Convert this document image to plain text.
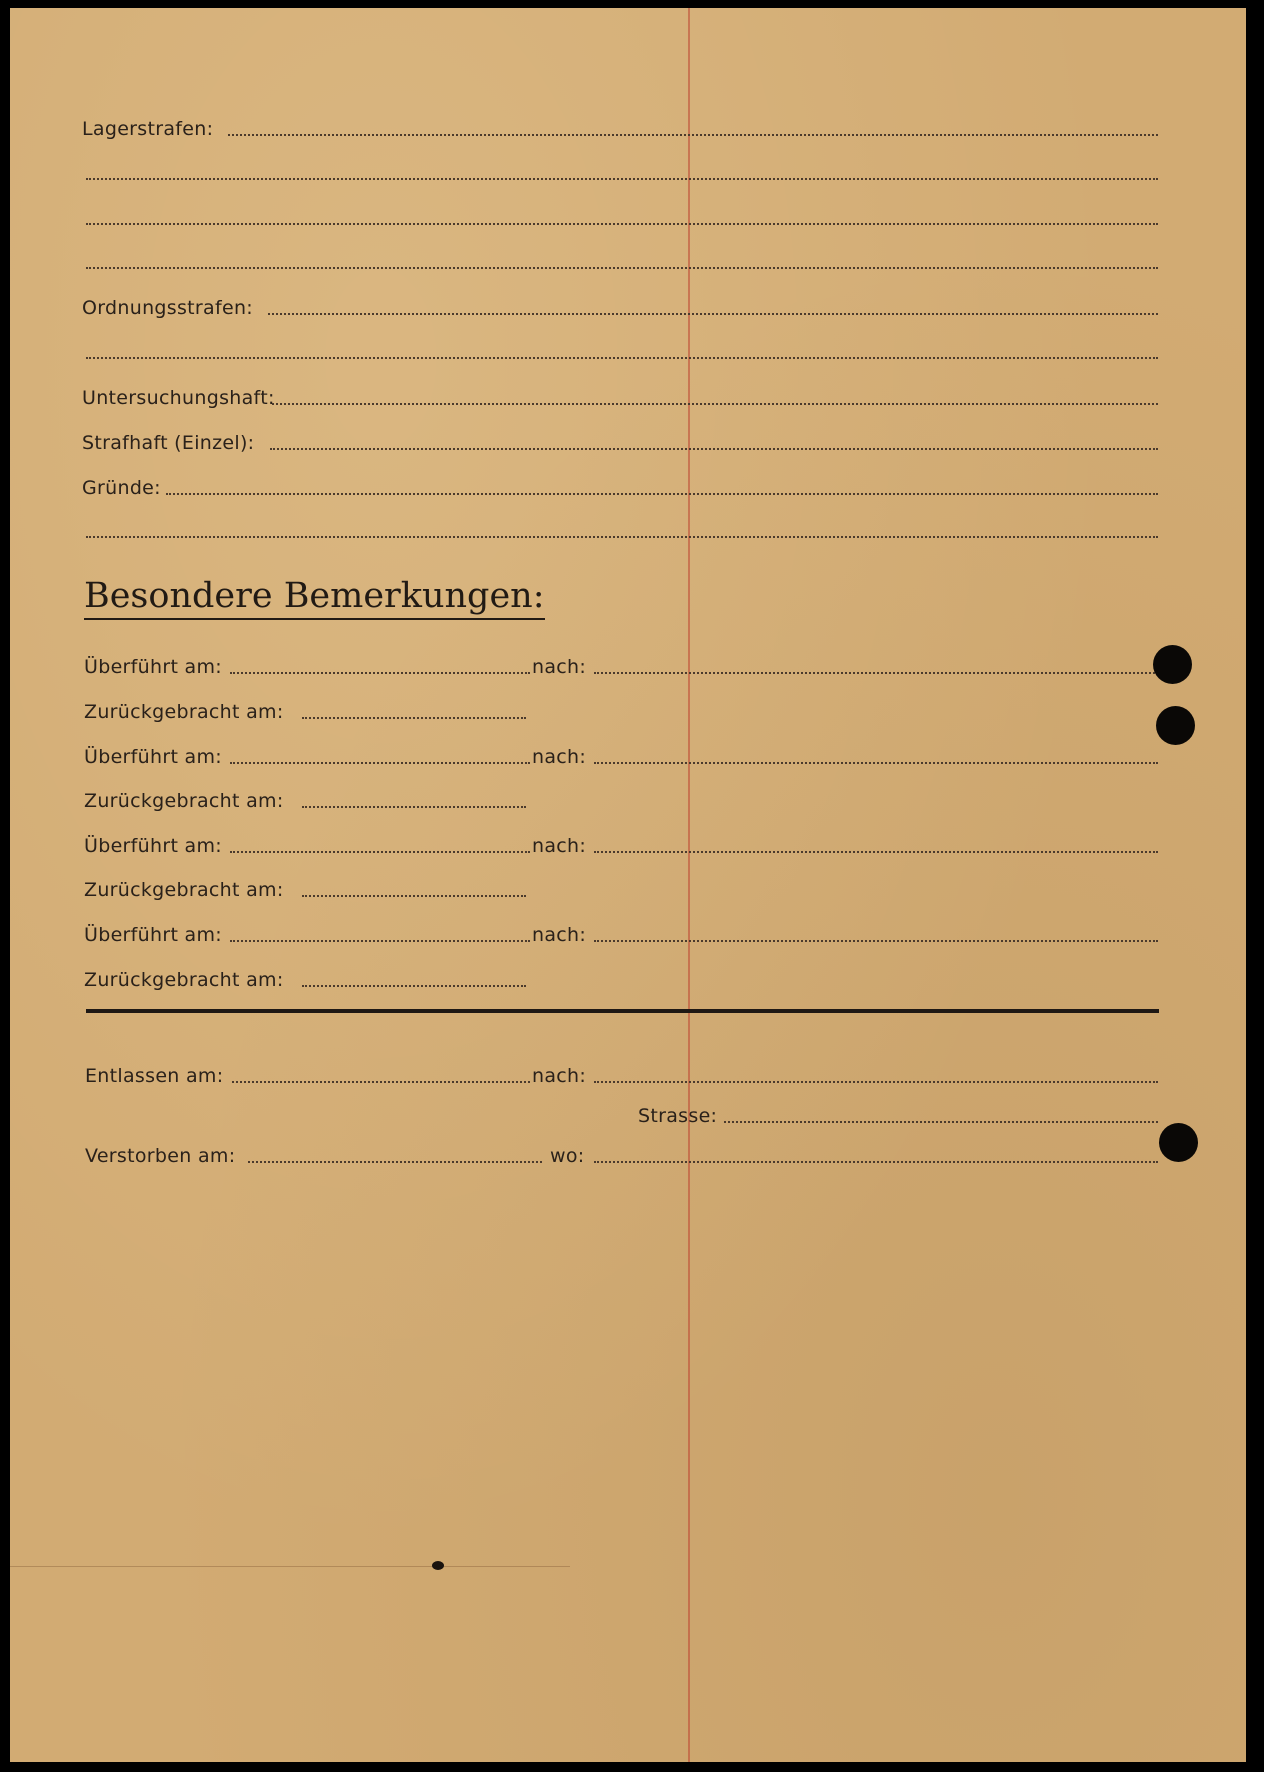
Lagerstrafen:
Ordnungsstrafen:
Untersuchungshaft:
Strafhaft (Einzel):
Gründe:
Besondere Bemerkungen:
Überführt am:	nach:
Zurückgebracht am:
Überführt am:	nach:
Zurückgebracht am:
Überführt am:	nach:
Zurückgebracht am:
Überführt am:	nach:
Zurückgebracht am:
Entlassen am:	nach:
Strasse:
Verstorben am:	wo:
